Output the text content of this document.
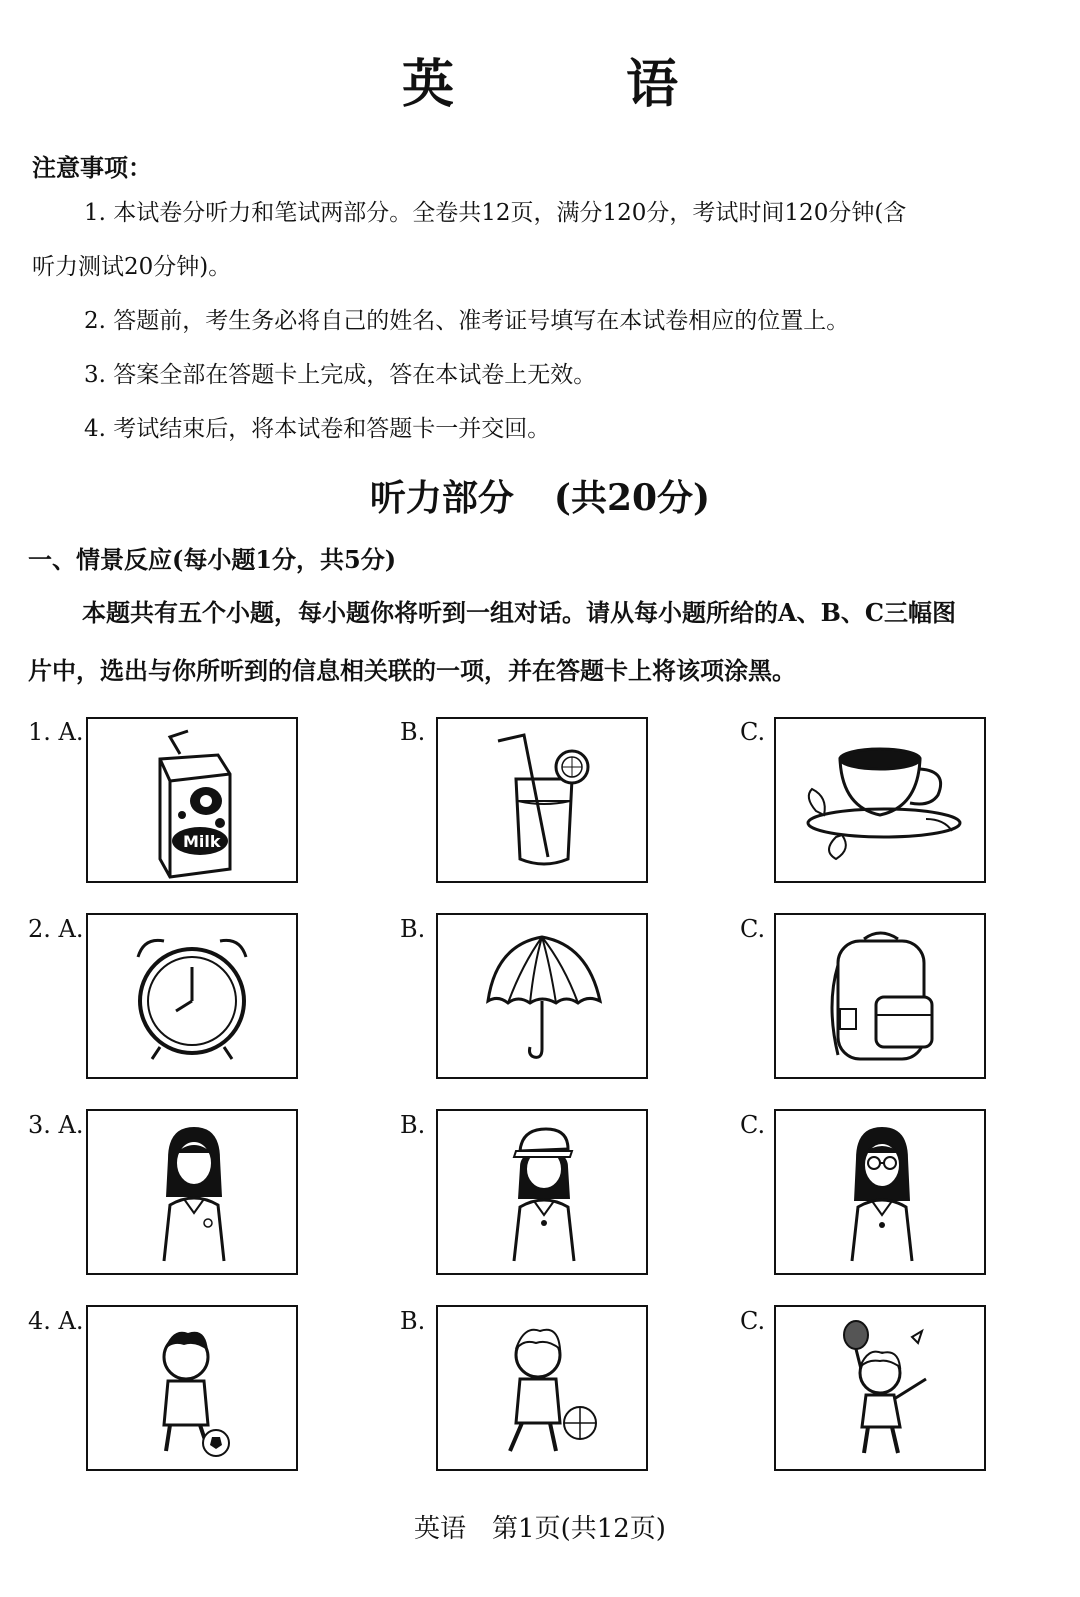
英　语
注意事项：
1. 本试卷分听力和笔试两部分。全卷共12页，满分120分，考试时间120分钟(含
听力测试20分钟)。
2. 答题前，考生务必将自己的姓名、准考证号填写在本试卷相应的位置上。
3. 答案全部在答题卡上完成，答在本试卷上无效。
4. 考试结束后，将本试卷和答题卡一并交回。
听力部分 (共20分)
一、情景反应(每小题1分，共5分)
本题共有五个小题，每小题你将听到一组对话。请从每小题所给的A、B、C三幅图
片中，选出与你所听到的信息相关联的一项，并在答题卡上将该项涂黑。
1. A.	B.	C.
Milk
2. A.	B.	C.
3. A.	B.	C.
4. A.	B.	C.
英语　第1页(共12页)
